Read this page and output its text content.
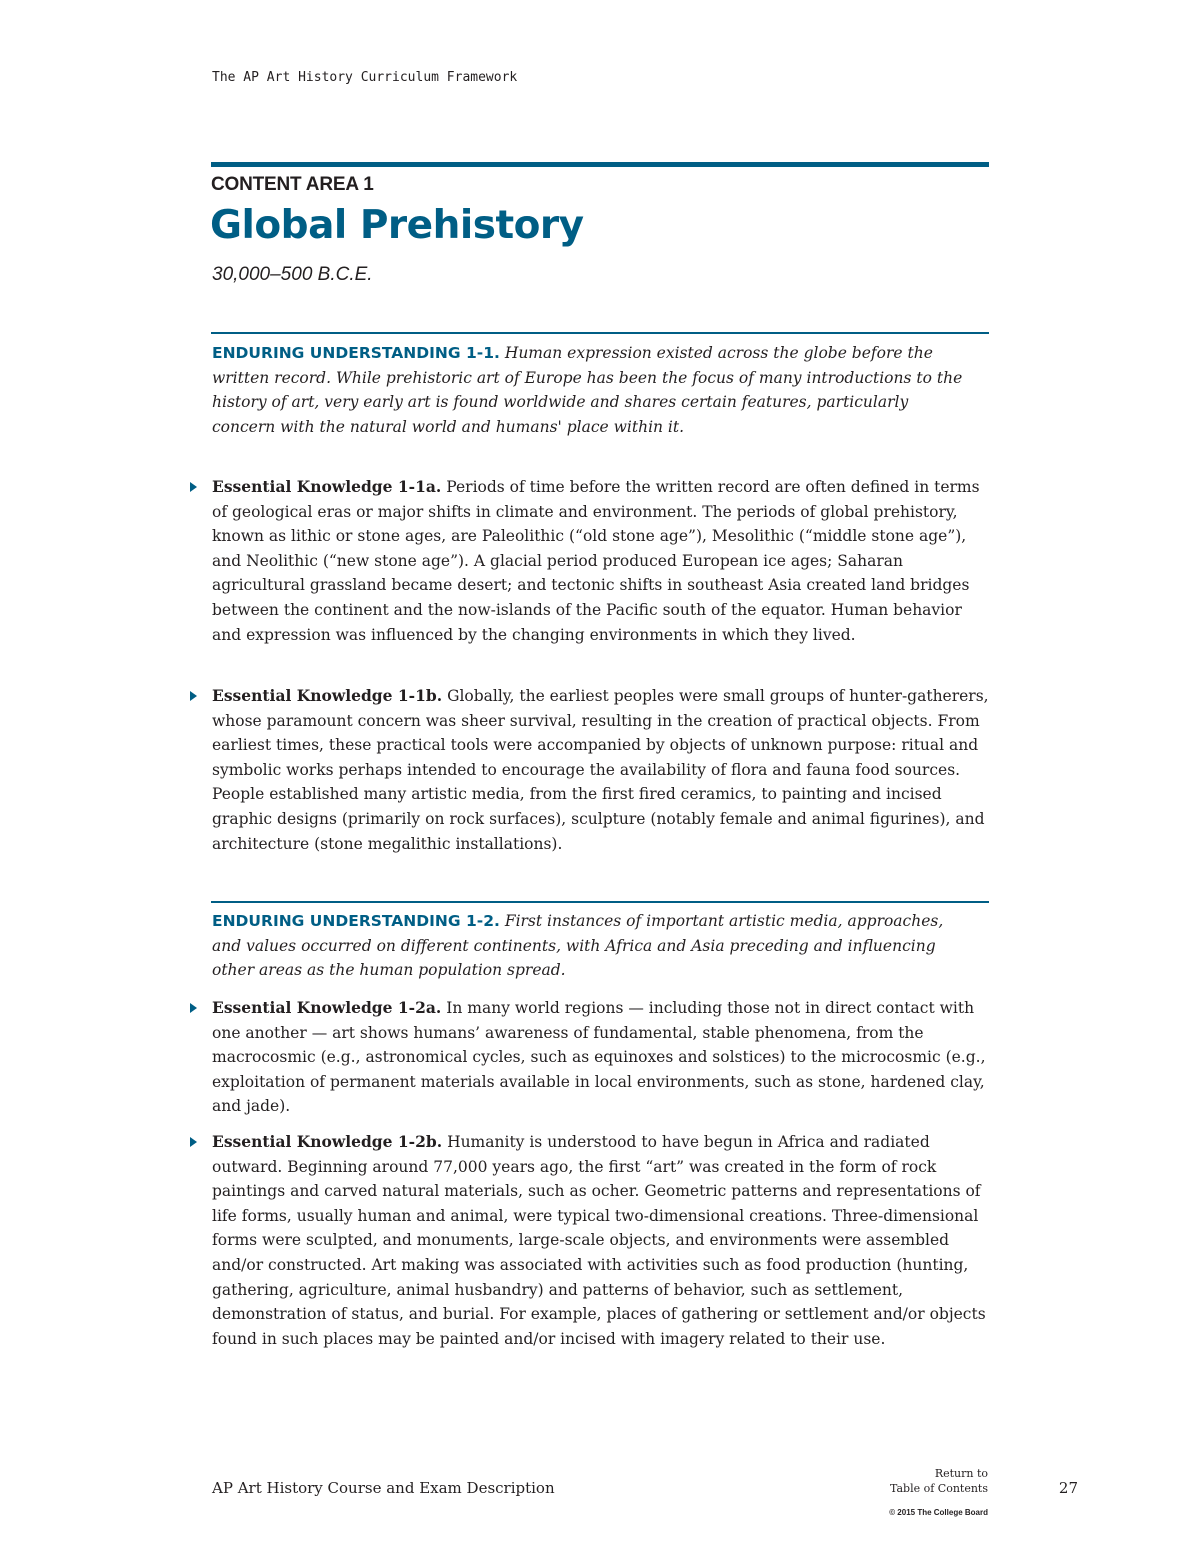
The AP Art History Curriculum Framework
CONTENT AREA 1
Global Prehistory
30,000–500 B.C.E.
ENDURING UNDERSTANDING 1-1. Human expression existed across the globe before the written record. While prehistoric art of Europe has been the focus of many introductions to the history of art, very early art is found worldwide and shares certain features, particularly concern with the natural world and humans' place within it.
Essential Knowledge 1-1a. Periods of time before the written record are often defined in terms of geological eras or major shifts in climate and environment. The periods of global prehistory, known as lithic or stone ages, are Paleolithic (“old stone age”), Mesolithic (“middle stone age”), and Neolithic (“new stone age”). A glacial period produced European ice ages; Saharan agricultural grassland became desert; and tectonic shifts in southeast Asia created land bridges between the continent and the now-islands of the Pacific south of the equator. Human behavior and expression was influenced by the changing environments in which they lived.
Essential Knowledge 1-1b. Globally, the earliest peoples were small groups of hunter-gatherers, whose paramount concern was sheer survival, resulting in the creation of practical objects. From earliest times, these practical tools were accompanied by objects of unknown purpose: ritual and symbolic works perhaps intended to encourage the availability of flora and fauna food sources. People established many artistic media, from the first fired ceramics, to painting and incised graphic designs (primarily on rock surfaces), sculpture (notably female and animal figurines), and architecture (stone megalithic installations).
ENDURING UNDERSTANDING 1-2. First instances of important artistic media, approaches, and values occurred on different continents, with Africa and Asia preceding and influencing other areas as the human population spread.
Essential Knowledge 1-2a. In many world regions — including those not in direct contact with one another — art shows humans’ awareness of fundamental, stable phenomena, from the macrocosmic (e.g., astronomical cycles, such as equinoxes and solstices) to the microcosmic (e.g., exploitation of permanent materials available in local environments, such as stone, hardened clay, and jade).
Essential Knowledge 1-2b. Humanity is understood to have begun in Africa and radiated outward. Beginning around 77,000 years ago, the first “art” was created in the form of rock paintings and carved natural materials, such as ocher. Geometric patterns and representations of life forms, usually human and animal, were typical two-dimensional creations. Three-dimensional forms were sculpted, and monuments, large-scale objects, and environments were assembled and/or constructed. Art making was associated with activities such as food production (hunting, gathering, agriculture, animal husbandry) and patterns of behavior, such as settlement, demonstration of status, and burial. For example, places of gathering or settlement and/or objects found in such places may be painted and/or incised with imagery related to their use.
AP Art History Course and Exam Description
Return to
Table of Contents	27
© 2015 The College Board
